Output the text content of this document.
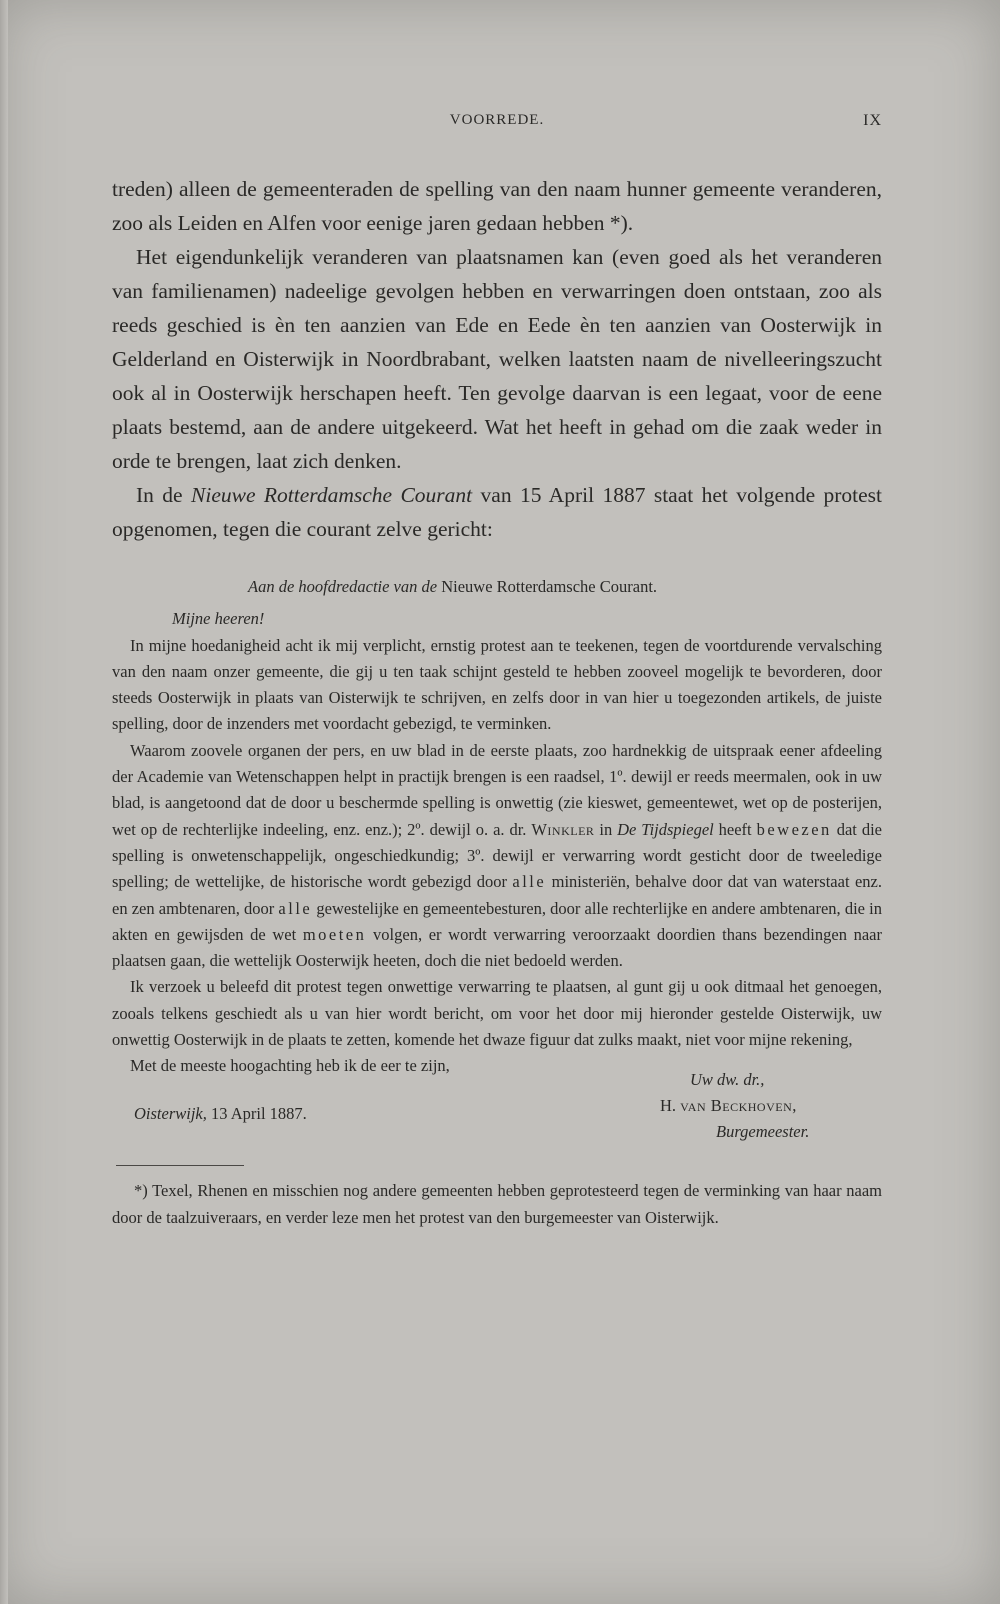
VOORREDE.	IX

treden) alleen de gemeenteraden de spelling van den naam hunner gemeente veranderen, zoo als Leiden en Alfen voor eenige jaren gedaan hebben *).

Het eigendunkelijk veranderen van plaatsnamen kan (even goed als het veranderen van familienamen) nadeelige gevolgen hebben en verwarringen doen ontstaan, zoo als reeds geschied is èn ten aanzien van Ede en Eede èn ten aanzien van Oosterwijk in Gelderland en Oisterwijk in Noordbrabant, welken laatsten naam de nivelleeringszucht ook al in Oosterwijk herschapen heeft. Ten gevolge daarvan is een legaat, voor de eene plaats bestemd, aan de andere uitgekeerd. Wat het heeft in gehad om die zaak weder in orde te brengen, laat zich denken.

In de Nieuwe Rotterdamsche Courant van 15 April 1887 staat het volgende protest opgenomen, tegen die courant zelve gericht:

Aan de hoofdredactie van de Nieuwe Rotterdamsche Courant.

Mijne heeren!

In mijne hoedanigheid acht ik mij verplicht, ernstig protest aan te teekenen, tegen de voortdurende vervalsching van den naam onzer gemeente, die gij u ten taak schijnt gesteld te hebben zooveel mogelijk te bevorderen, door steeds Oosterwijk in plaats van Oisterwijk te schrijven, en zelfs door in van hier u toegezonden artikels, de juiste spelling, door de inzenders met voordacht gebezigd, te verminken.

Waarom zoovele organen der pers, en uw blad in de eerste plaats, zoo hardnekkig de uitspraak eener afdeeling der Academie van Wetenschappen helpt in practijk brengen is een raadsel, 1º. dewijl er reeds meermalen, ook in uw blad, is aangetoond dat de door u beschermde spelling is onwettig (zie kieswet, gemeentewet, wet op de posterijen, wet op de rechterlijke indeeling, enz. enz.); 2º. dewijl o. a. dr. Winkler in De Tijdspiegel heeft bewezen dat die spelling is onwetenschappelijk, ongeschiedkundig; 3º. dewijl er verwarring wordt gesticht door de tweeledige spelling; de wettelijke, de historische wordt gebezigd door alle ministeriën, behalve door dat van waterstaat enz. en zen ambtenaren, door alle gewestelijke en gemeentebesturen, door alle rechterlijke en andere ambtenaren, die in akten en gewijsden de wet moeten volgen, er wordt verwarring veroorzaakt doordien thans bezendingen naar plaatsen gaan, die wettelijk Oosterwijk heeten, doch die niet bedoeld werden.

Ik verzoek u beleefd dit protest tegen onwettige verwarring te plaatsen, al gunt gij u ook ditmaal het genoegen, zooals telkens geschiedt als u van hier wordt bericht, om voor het door mij hieronder gestelde Oisterwijk, uw onwettig Oosterwijk in de plaats te zetten, komende het dwaze figuur dat zulks maakt, niet voor mijne rekening,

Met de meeste hoogachting heb ik de eer te zijn,
Oisterwijk, 13 April 1887.
Uw dw. dr.,
H. van Beckhoven,
Burgemeester.

*) Texel, Rhenen en misschien nog andere gemeenten hebben geprotesteerd tegen de verminking van haar naam door de taalzuiveraars, en verder leze men het protest van den burgemeester van Oisterwijk.
